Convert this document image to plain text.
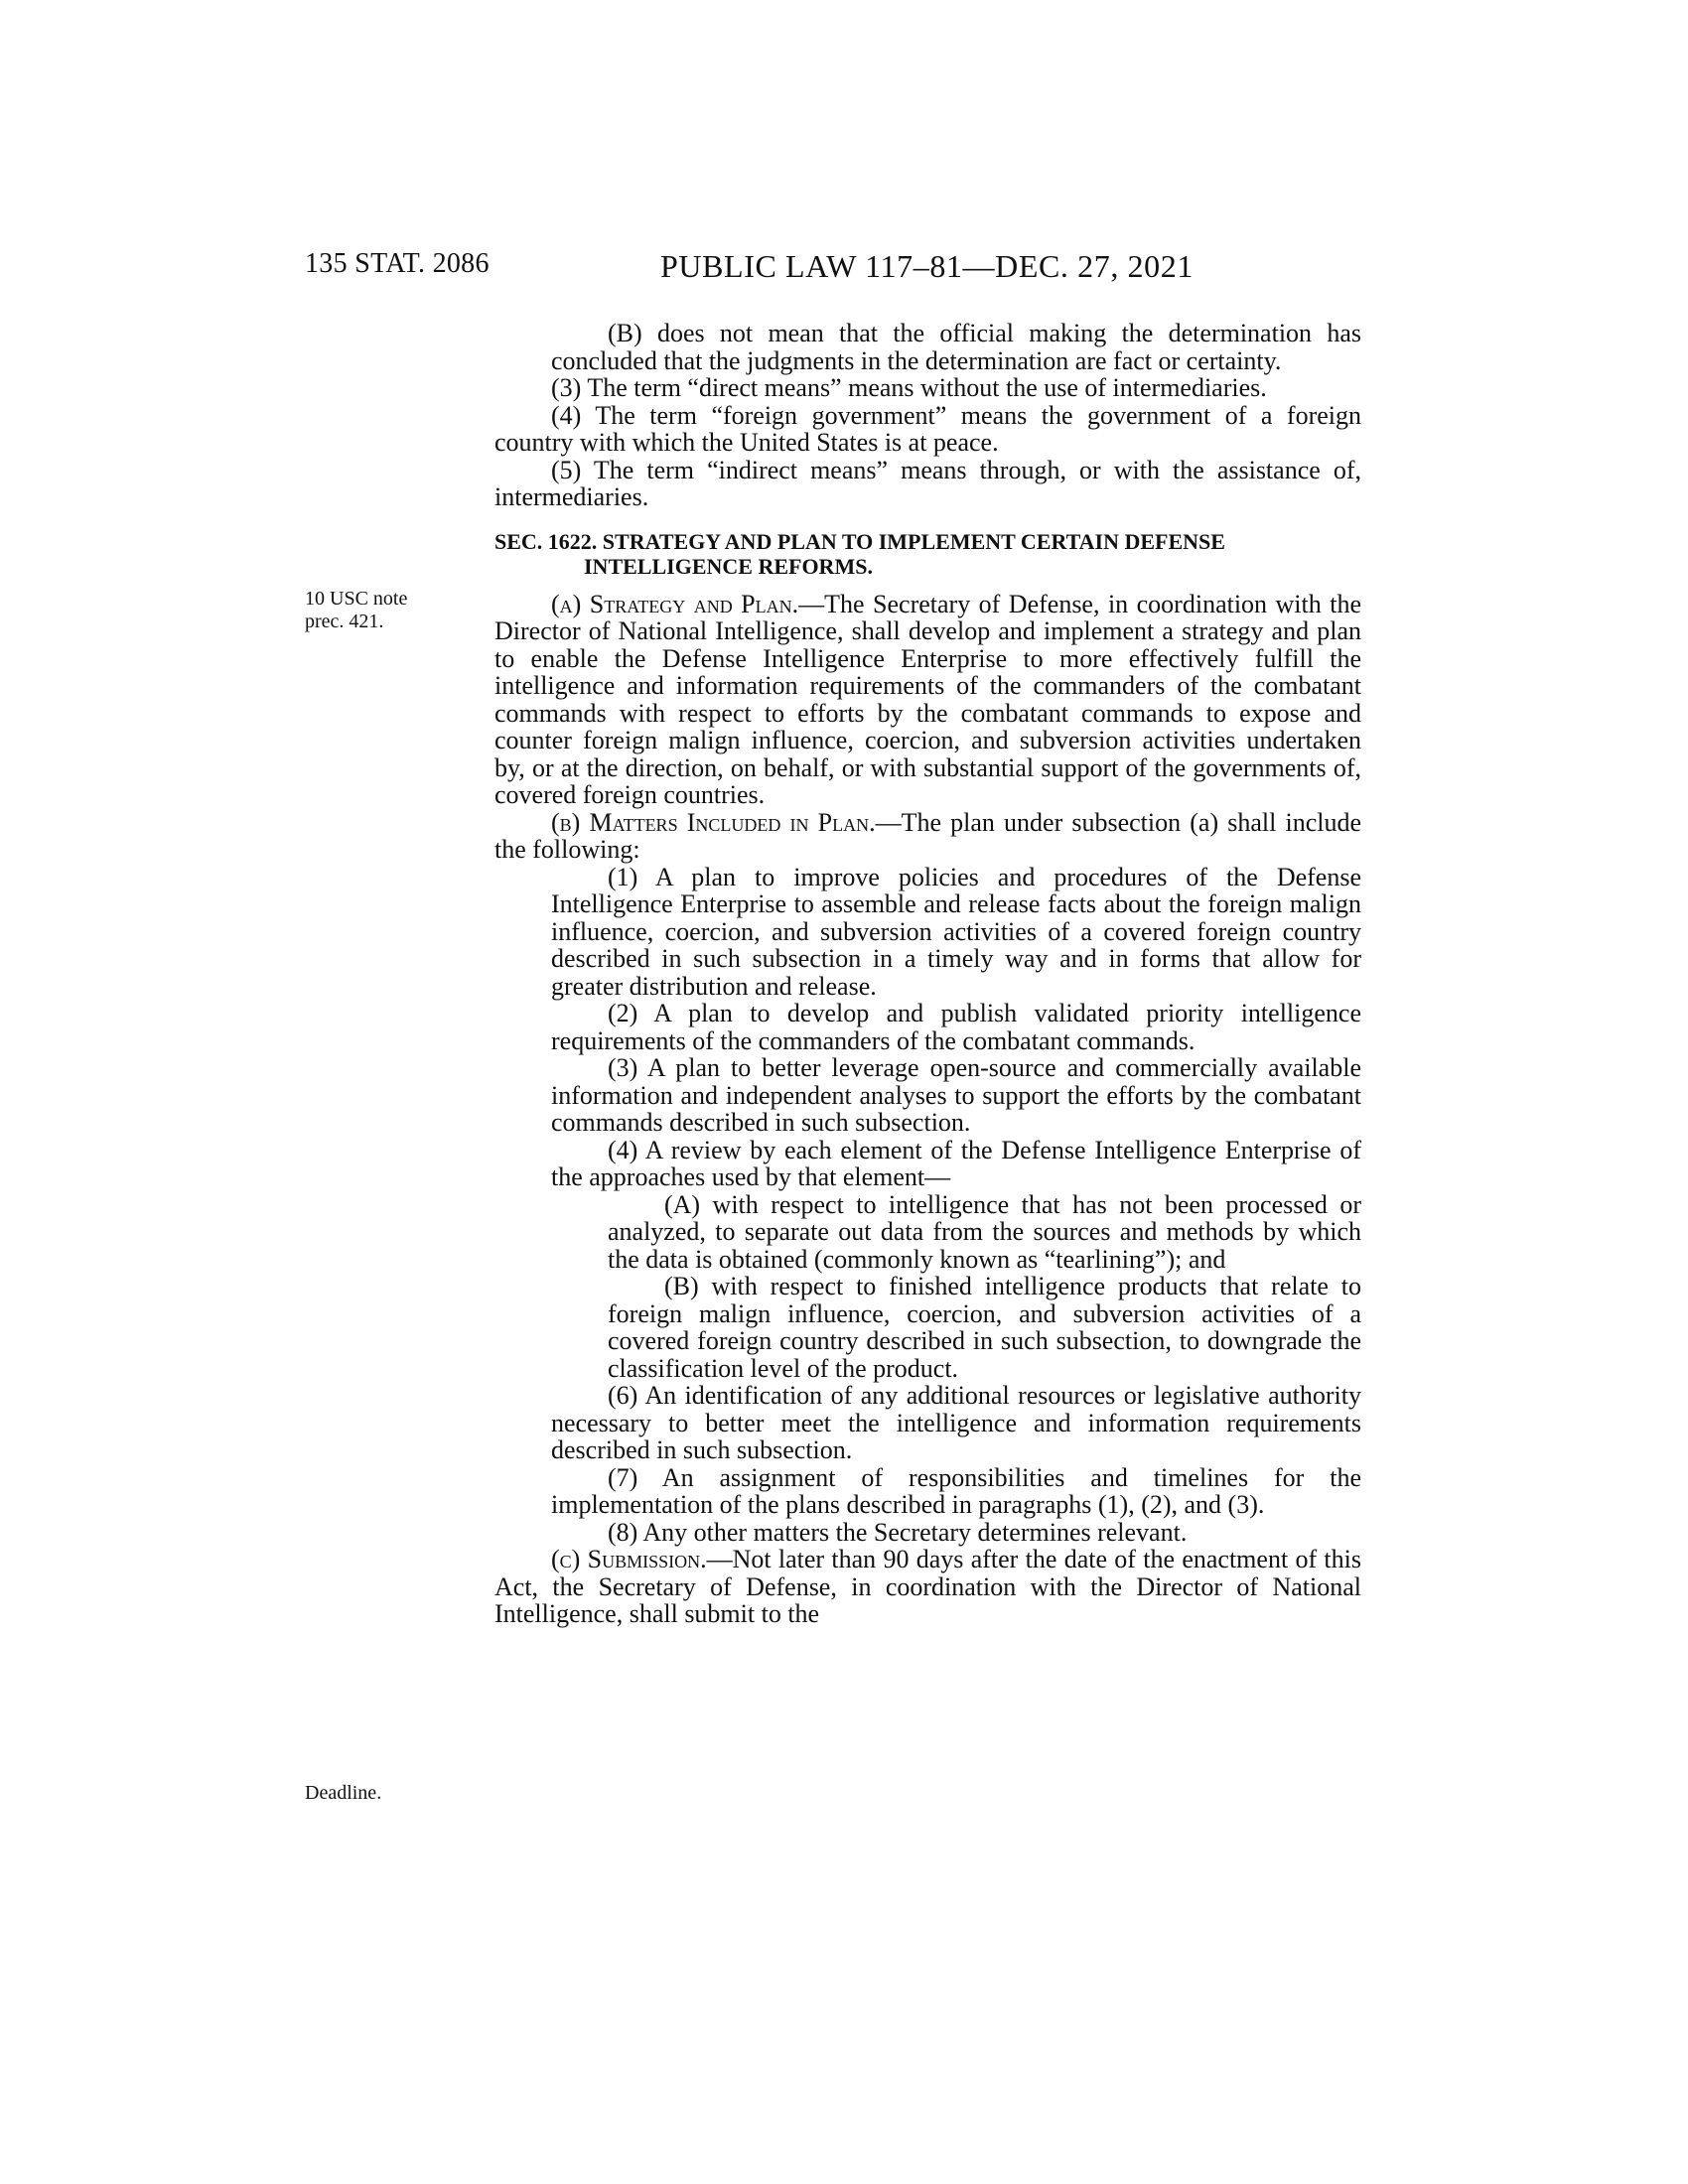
135 STAT. 2086	PUBLIC LAW 117–81—DEC. 27, 2021
10 USC note
prec. 421.
Deadline.

(B) does not mean that the official making the determination has concluded that the judgments in the determination are fact or certainty.

(3) The term “direct means” means without the use of intermediaries.

(4) The term “foreign government” means the government of a foreign country with which the United States is at peace.

(5) The term “indirect means” means through, or with the assistance of, intermediaries.

SEC. 1622. STRATEGY AND PLAN TO IMPLEMENT CERTAIN DEFENSE
INTELLIGENCE REFORMS.

(a) Strategy and Plan.—The Secretary of Defense, in coordination with the Director of National Intelligence, shall develop and implement a strategy and plan to enable the Defense Intelligence Enterprise to more effectively fulfill the intelligence and information requirements of the commanders of the combatant commands with respect to efforts by the combatant commands to expose and counter foreign malign influence, coercion, and subversion activities undertaken by, or at the direction, on behalf, or with substantial support of the governments of, covered foreign countries.

(b) Matters Included in Plan.—The plan under subsection (a) shall include the following:

(1) A plan to improve policies and procedures of the Defense Intelligence Enterprise to assemble and release facts about the foreign malign influence, coercion, and subversion activities of a covered foreign country described in such subsection in a timely way and in forms that allow for greater distribution and release.

(2) A plan to develop and publish validated priority intelligence requirements of the commanders of the combatant commands.

(3) A plan to better leverage open-source and commercially available information and independent analyses to support the efforts by the combatant commands described in such subsection.

(4) A review by each element of the Defense Intelligence Enterprise of the approaches used by that element—

(A) with respect to intelligence that has not been processed or analyzed, to separate out data from the sources and methods by which the data is obtained (commonly known as “tearlining”); and

(B) with respect to finished intelligence products that relate to foreign malign influence, coercion, and subversion activities of a covered foreign country described in such subsection, to downgrade the classification level of the product.

(6) An identification of any additional resources or legislative authority necessary to better meet the intelligence and information requirements described in such subsection.

(7) An assignment of responsibilities and timelines for the implementation of the plans described in paragraphs (1), (2), and (3).

(8) Any other matters the Secretary determines relevant.

(c) Submission.—Not later than 90 days after the date of the enactment of this Act, the Secretary of Defense, in coordination with the Director of National Intelligence, shall submit to the
